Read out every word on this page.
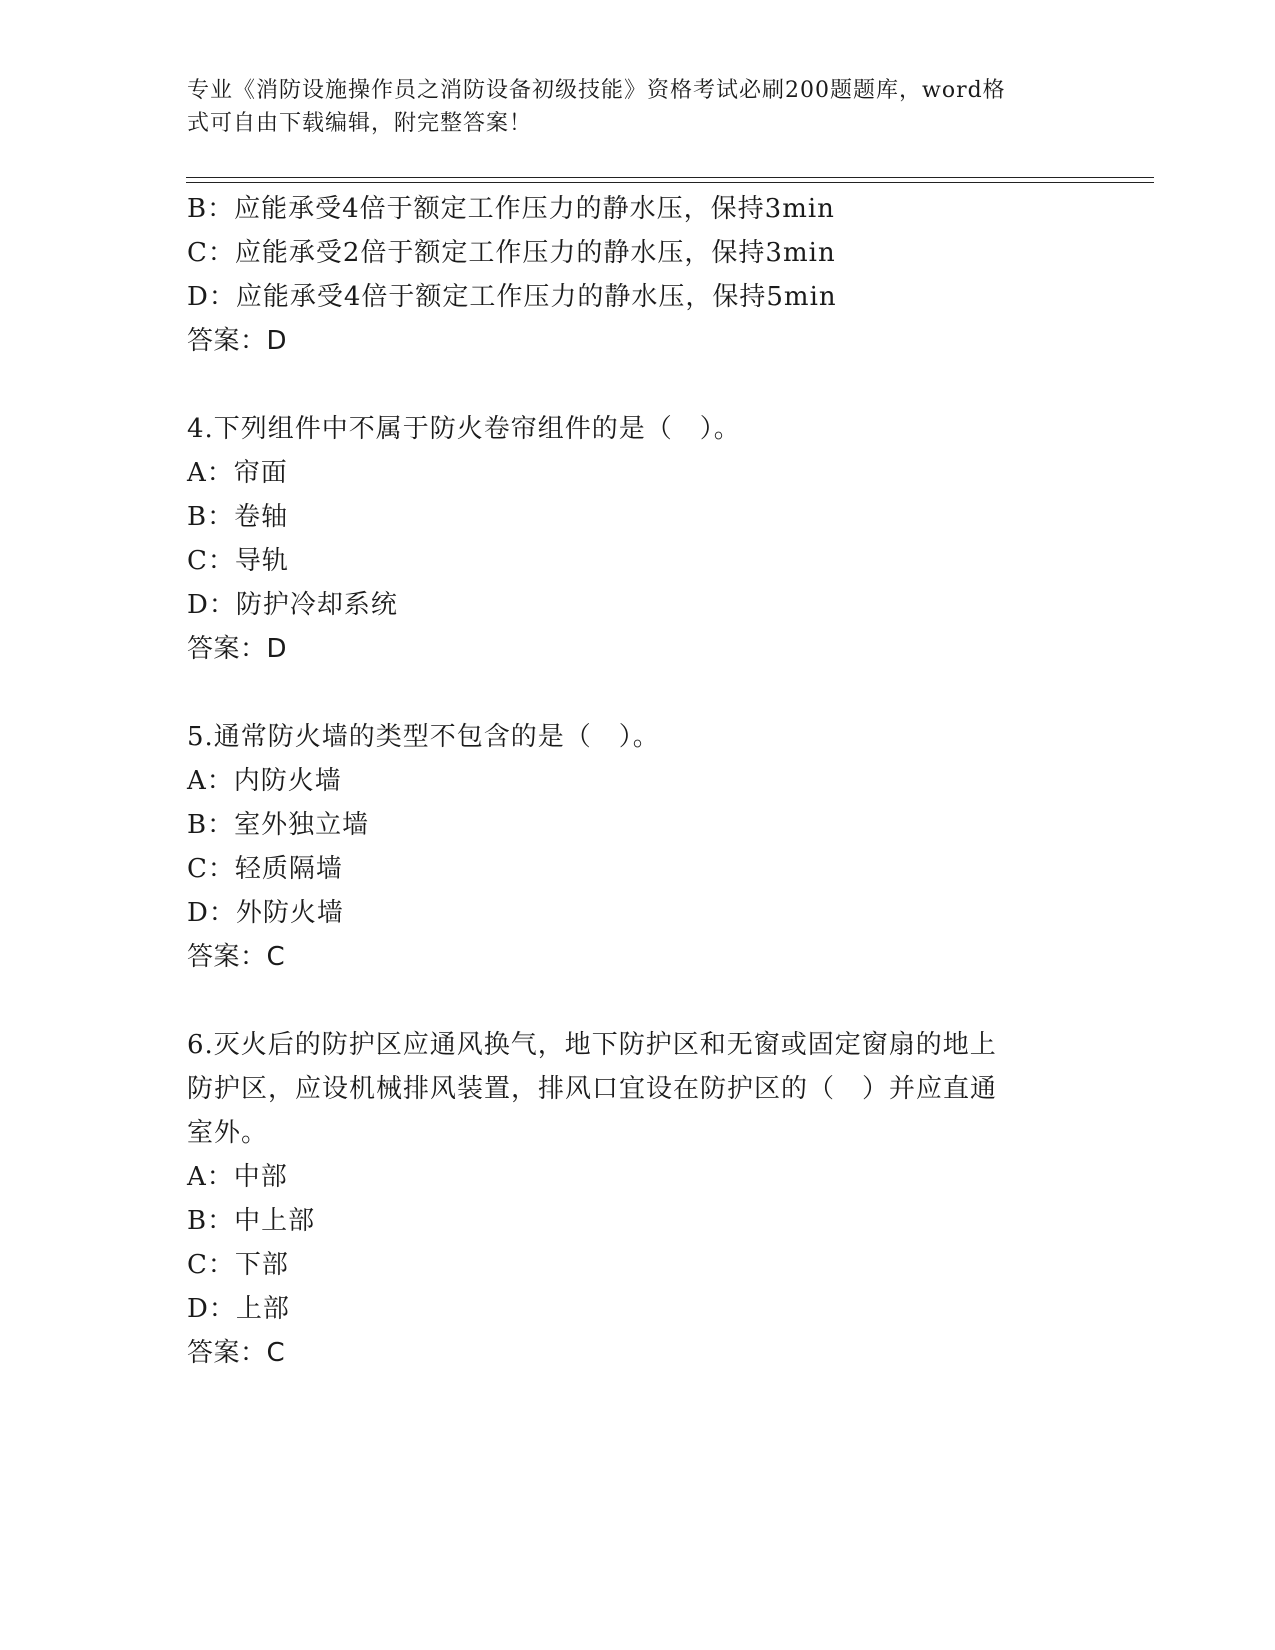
专业《消防设施操作员之消防设备初级技能》资格考试必刷200题题库，word格
式可自由下载编辑，附完整答案！
B：应能承受4倍于额定工作压力的静水压，保持3min
C：应能承受2倍于额定工作压力的静水压，保持3min
D：应能承受4倍于额定工作压力的静水压，保持5min
答案：D
4.下列组件中不属于防火卷帘组件的是（　）。
A：帘面
B：卷轴
C：导轨
D：防护冷却系统
答案：D
5.通常防火墙的类型不包含的是（　）。
A：内防火墙
B：室外独立墙
C：轻质隔墙
D：外防火墙
答案：C
6.灭火后的防护区应通风换气，地下防护区和无窗或固定窗扇的地上
防护区，应设机械排风装置，排风口宜设在防护区的（　）并应直通
室外。
A：中部
B：中上部
C：下部
D：上部
答案：C
